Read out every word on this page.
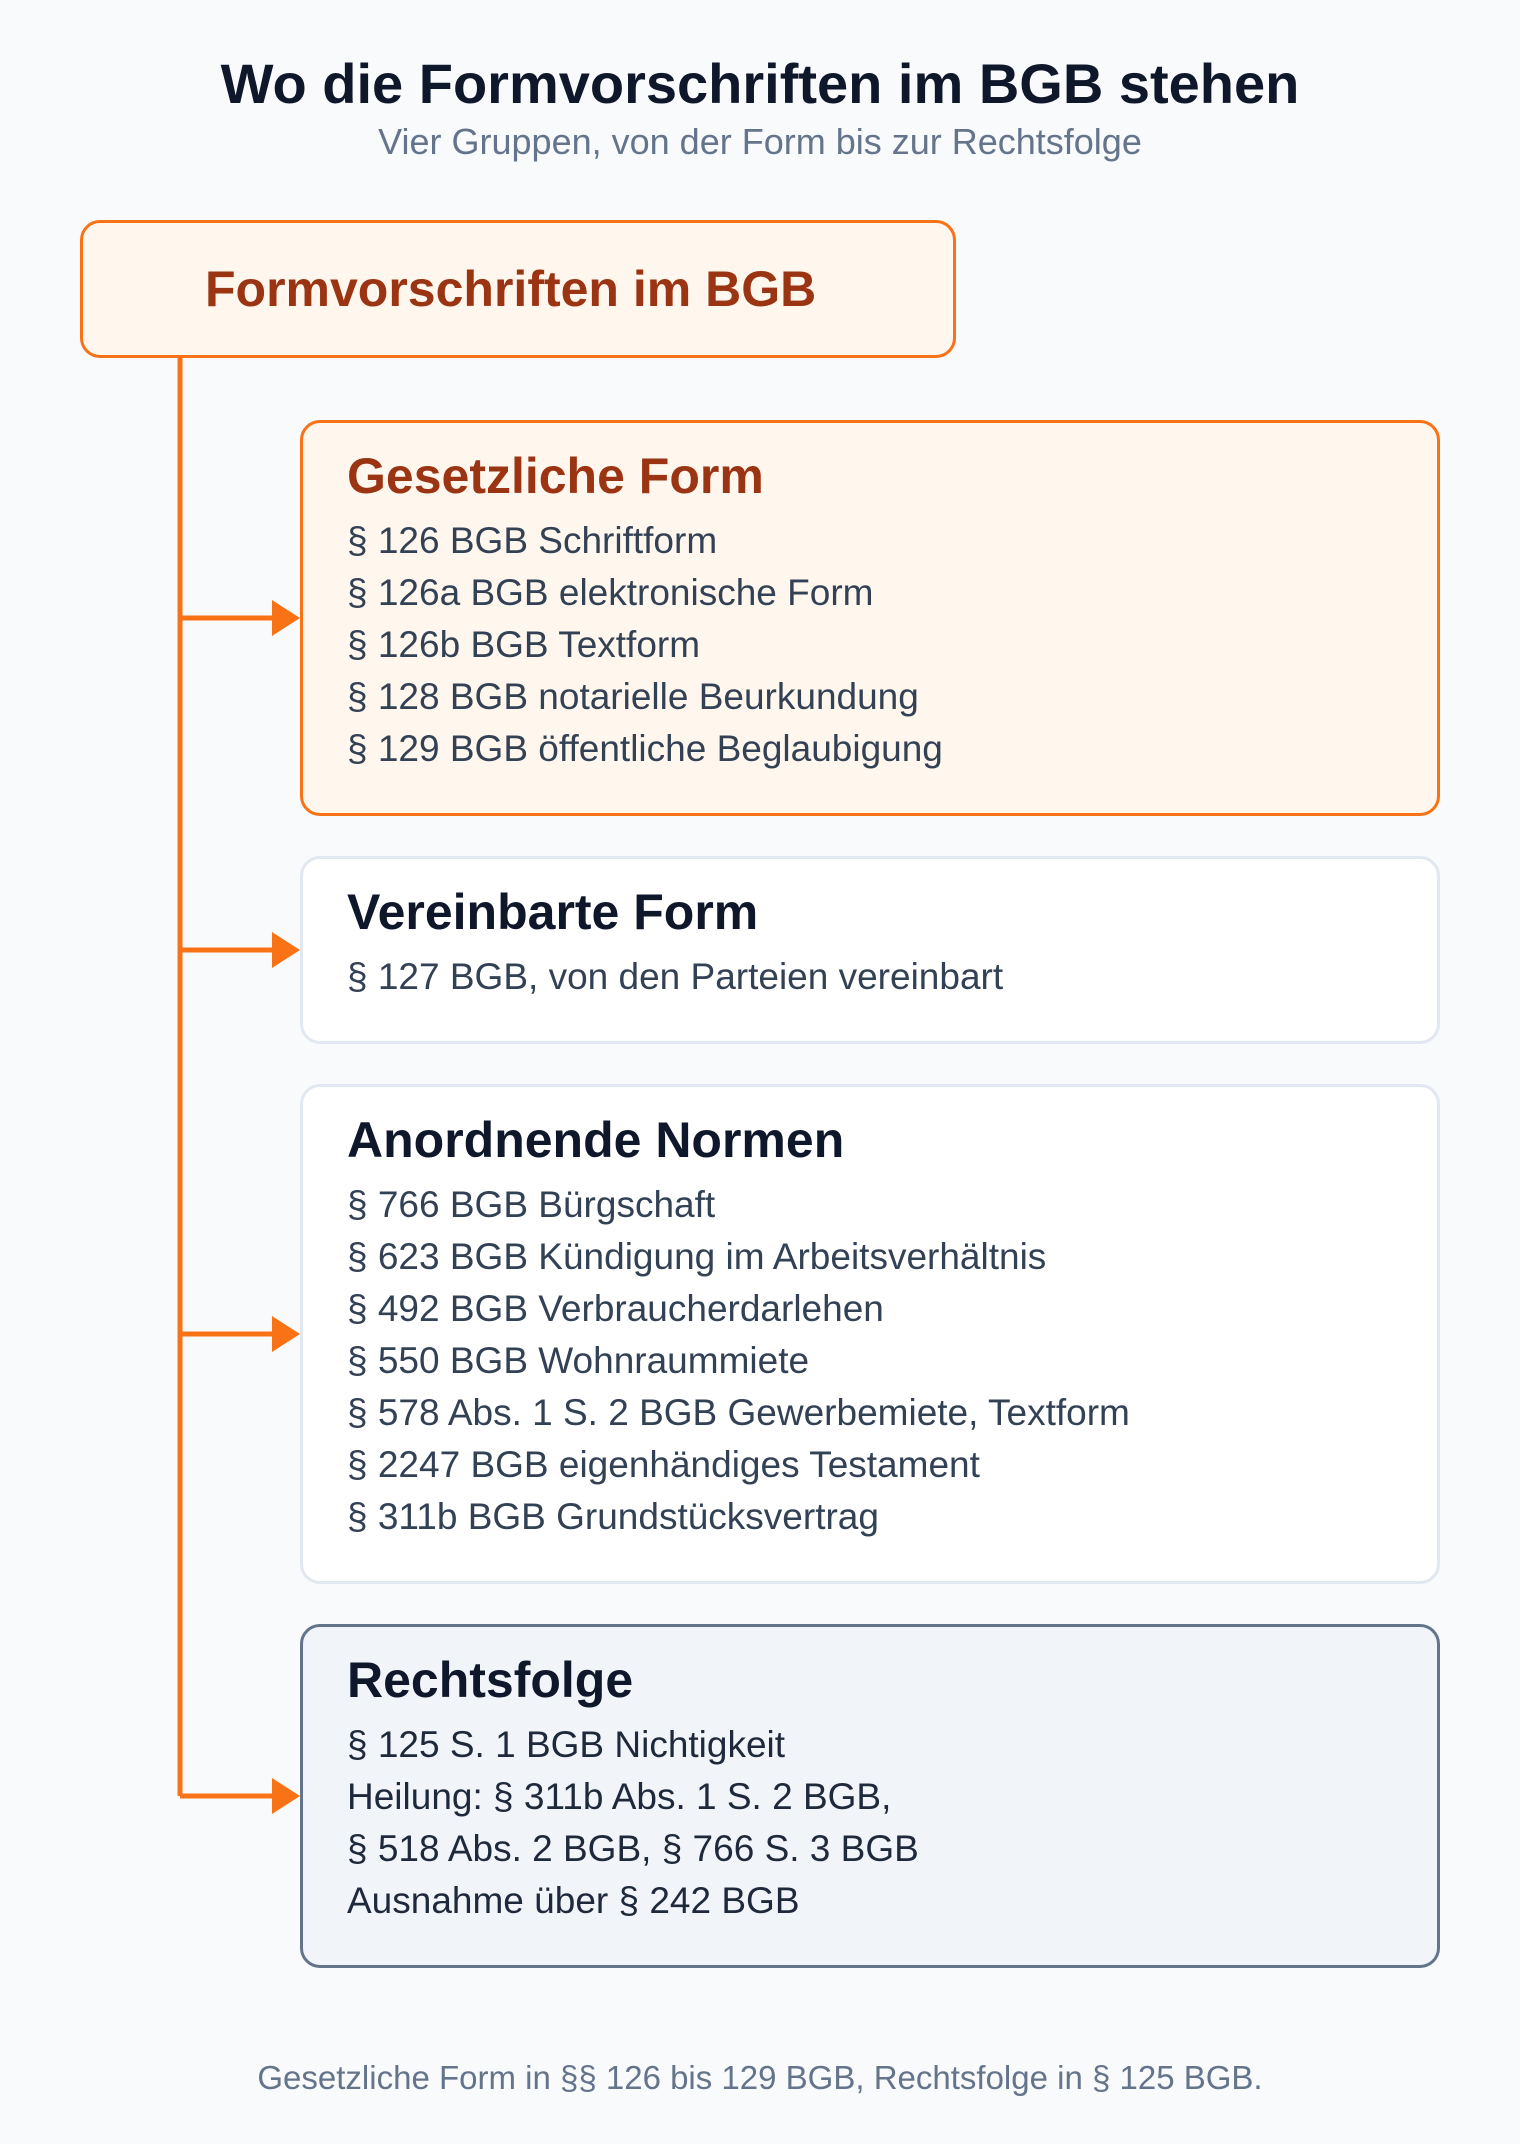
Wo die Formvorschriften im BGB stehen
Vier Gruppen, von der Form bis zur Rechtsfolge
Formvorschriften im BGB
Gesetzliche Form
§ 126 BGB Schriftform
§ 126a BGB elektronische Form
§ 126b BGB Textform
§ 128 BGB notarielle Beurkundung
§ 129 BGB öffentliche Beglaubigung
Vereinbarte Form
§ 127 BGB, von den Parteien vereinbart
Anordnende Normen
§ 766 BGB Bürgschaft
§ 623 BGB Kündigung im Arbeitsverhältnis
§ 492 BGB Verbraucherdarlehen
§ 550 BGB Wohnraummiete
§ 578 Abs. 1 S. 2 BGB Gewerbemiete, Textform
§ 2247 BGB eigenhändiges Testament
§ 311b BGB Grundstücksvertrag
Rechtsfolge
§ 125 S. 1 BGB Nichtigkeit
Heilung: § 311b Abs. 1 S. 2 BGB,
§ 518 Abs. 2 BGB, § 766 S. 3 BGB
Ausnahme über § 242 BGB
Gesetzliche Form in §§ 126 bis 129 BGB, Rechtsfolge in § 125 BGB.
